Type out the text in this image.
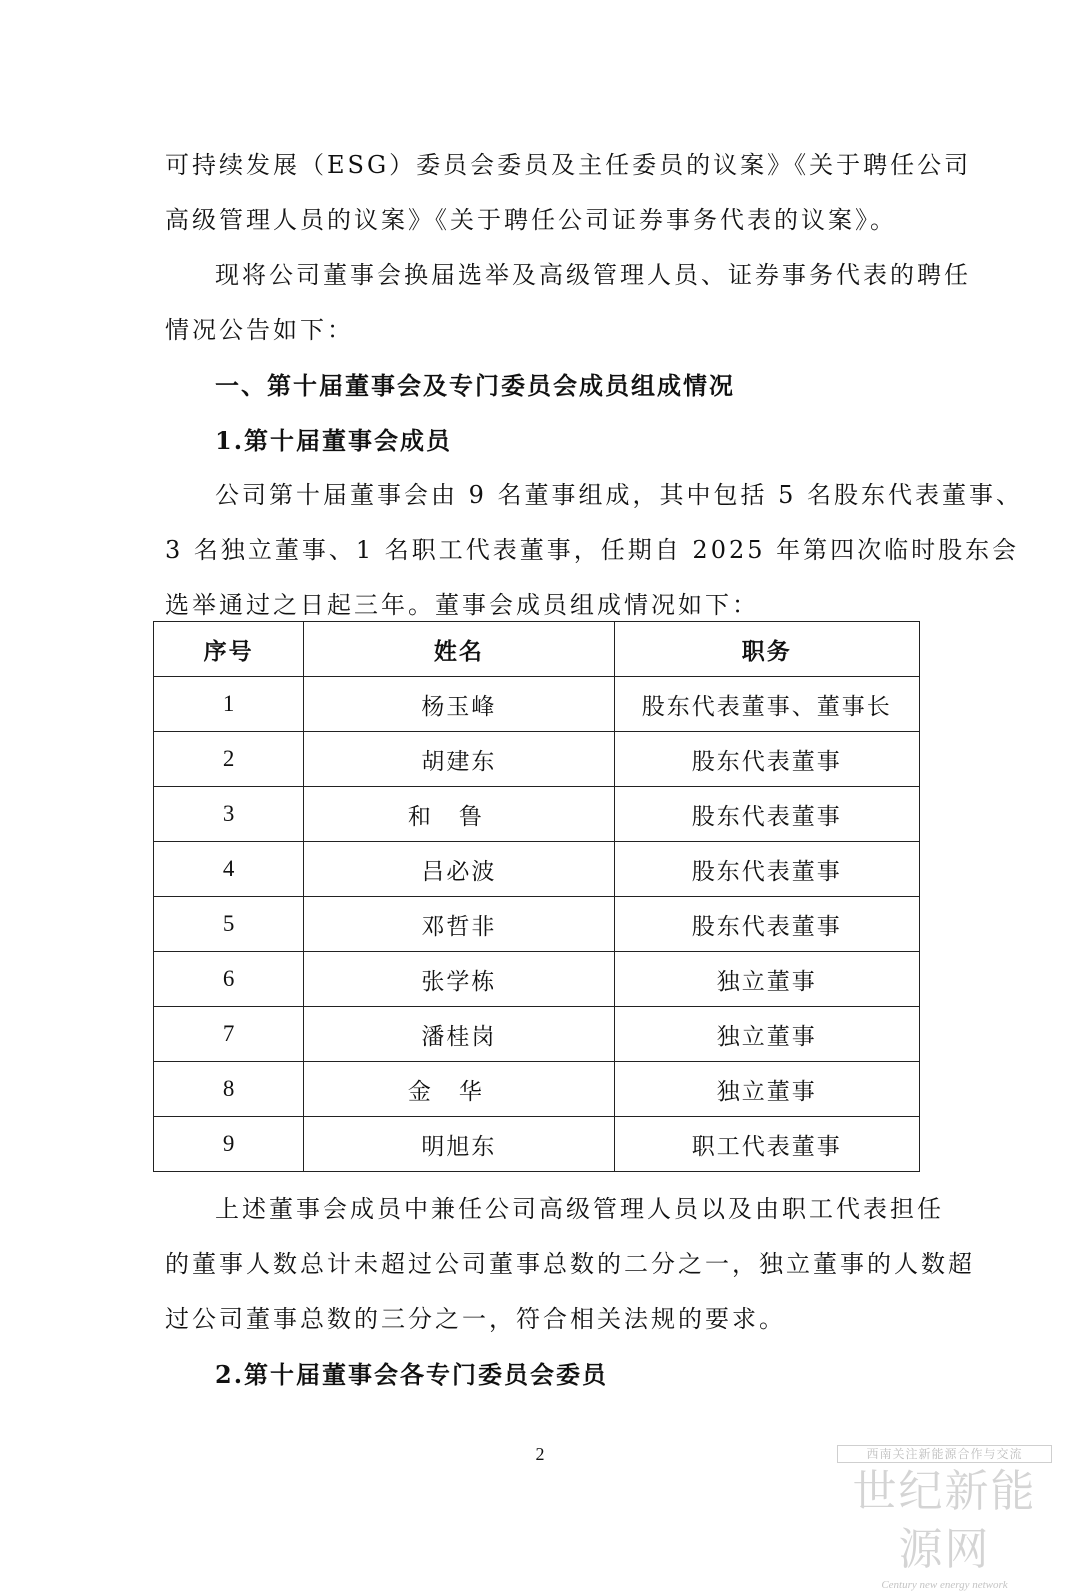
可持续发展（ESG）委员会委员及主任委员的议案》《关于聘任公司

高级管理人员的议案》《关于聘任公司证券事务代表的议案》。

现将公司董事会换届选举及高级管理人员、证券事务代表的聘任

情况公告如下：

一、第十届董事会及专门委员会成员组成情况

1.第十届董事会成员

公司第十届董事会由 9 名董事组成，其中包括 5 名股东代表董事、

3 名独立董事、1 名职工代表董事，任期自 2025 年第四次临时股东会

选举通过之日起三年。董事会成员组成情况如下：

序号	姓名	职务
1	杨玉峰	股东代表董事、董事长
2	胡建东	股东代表董事
3	和鲁	股东代表董事
4	吕必波	股东代表董事
5	邓哲非	股东代表董事
6	张学栋	独立董事
7	潘桂岗	独立董事
8	金华	独立董事
9	明旭东	职工代表董事

上述董事会成员中兼任公司高级管理人员以及由职工代表担任

的董事人数总计未超过公司董事总数的二分之一，独立董事的人数超

过公司董事总数的三分之一，符合相关法规的要求。

2.第十届董事会各专门委员会委员

2	西南关注新能源合作与交流
世纪新能源网
Century new energy network
